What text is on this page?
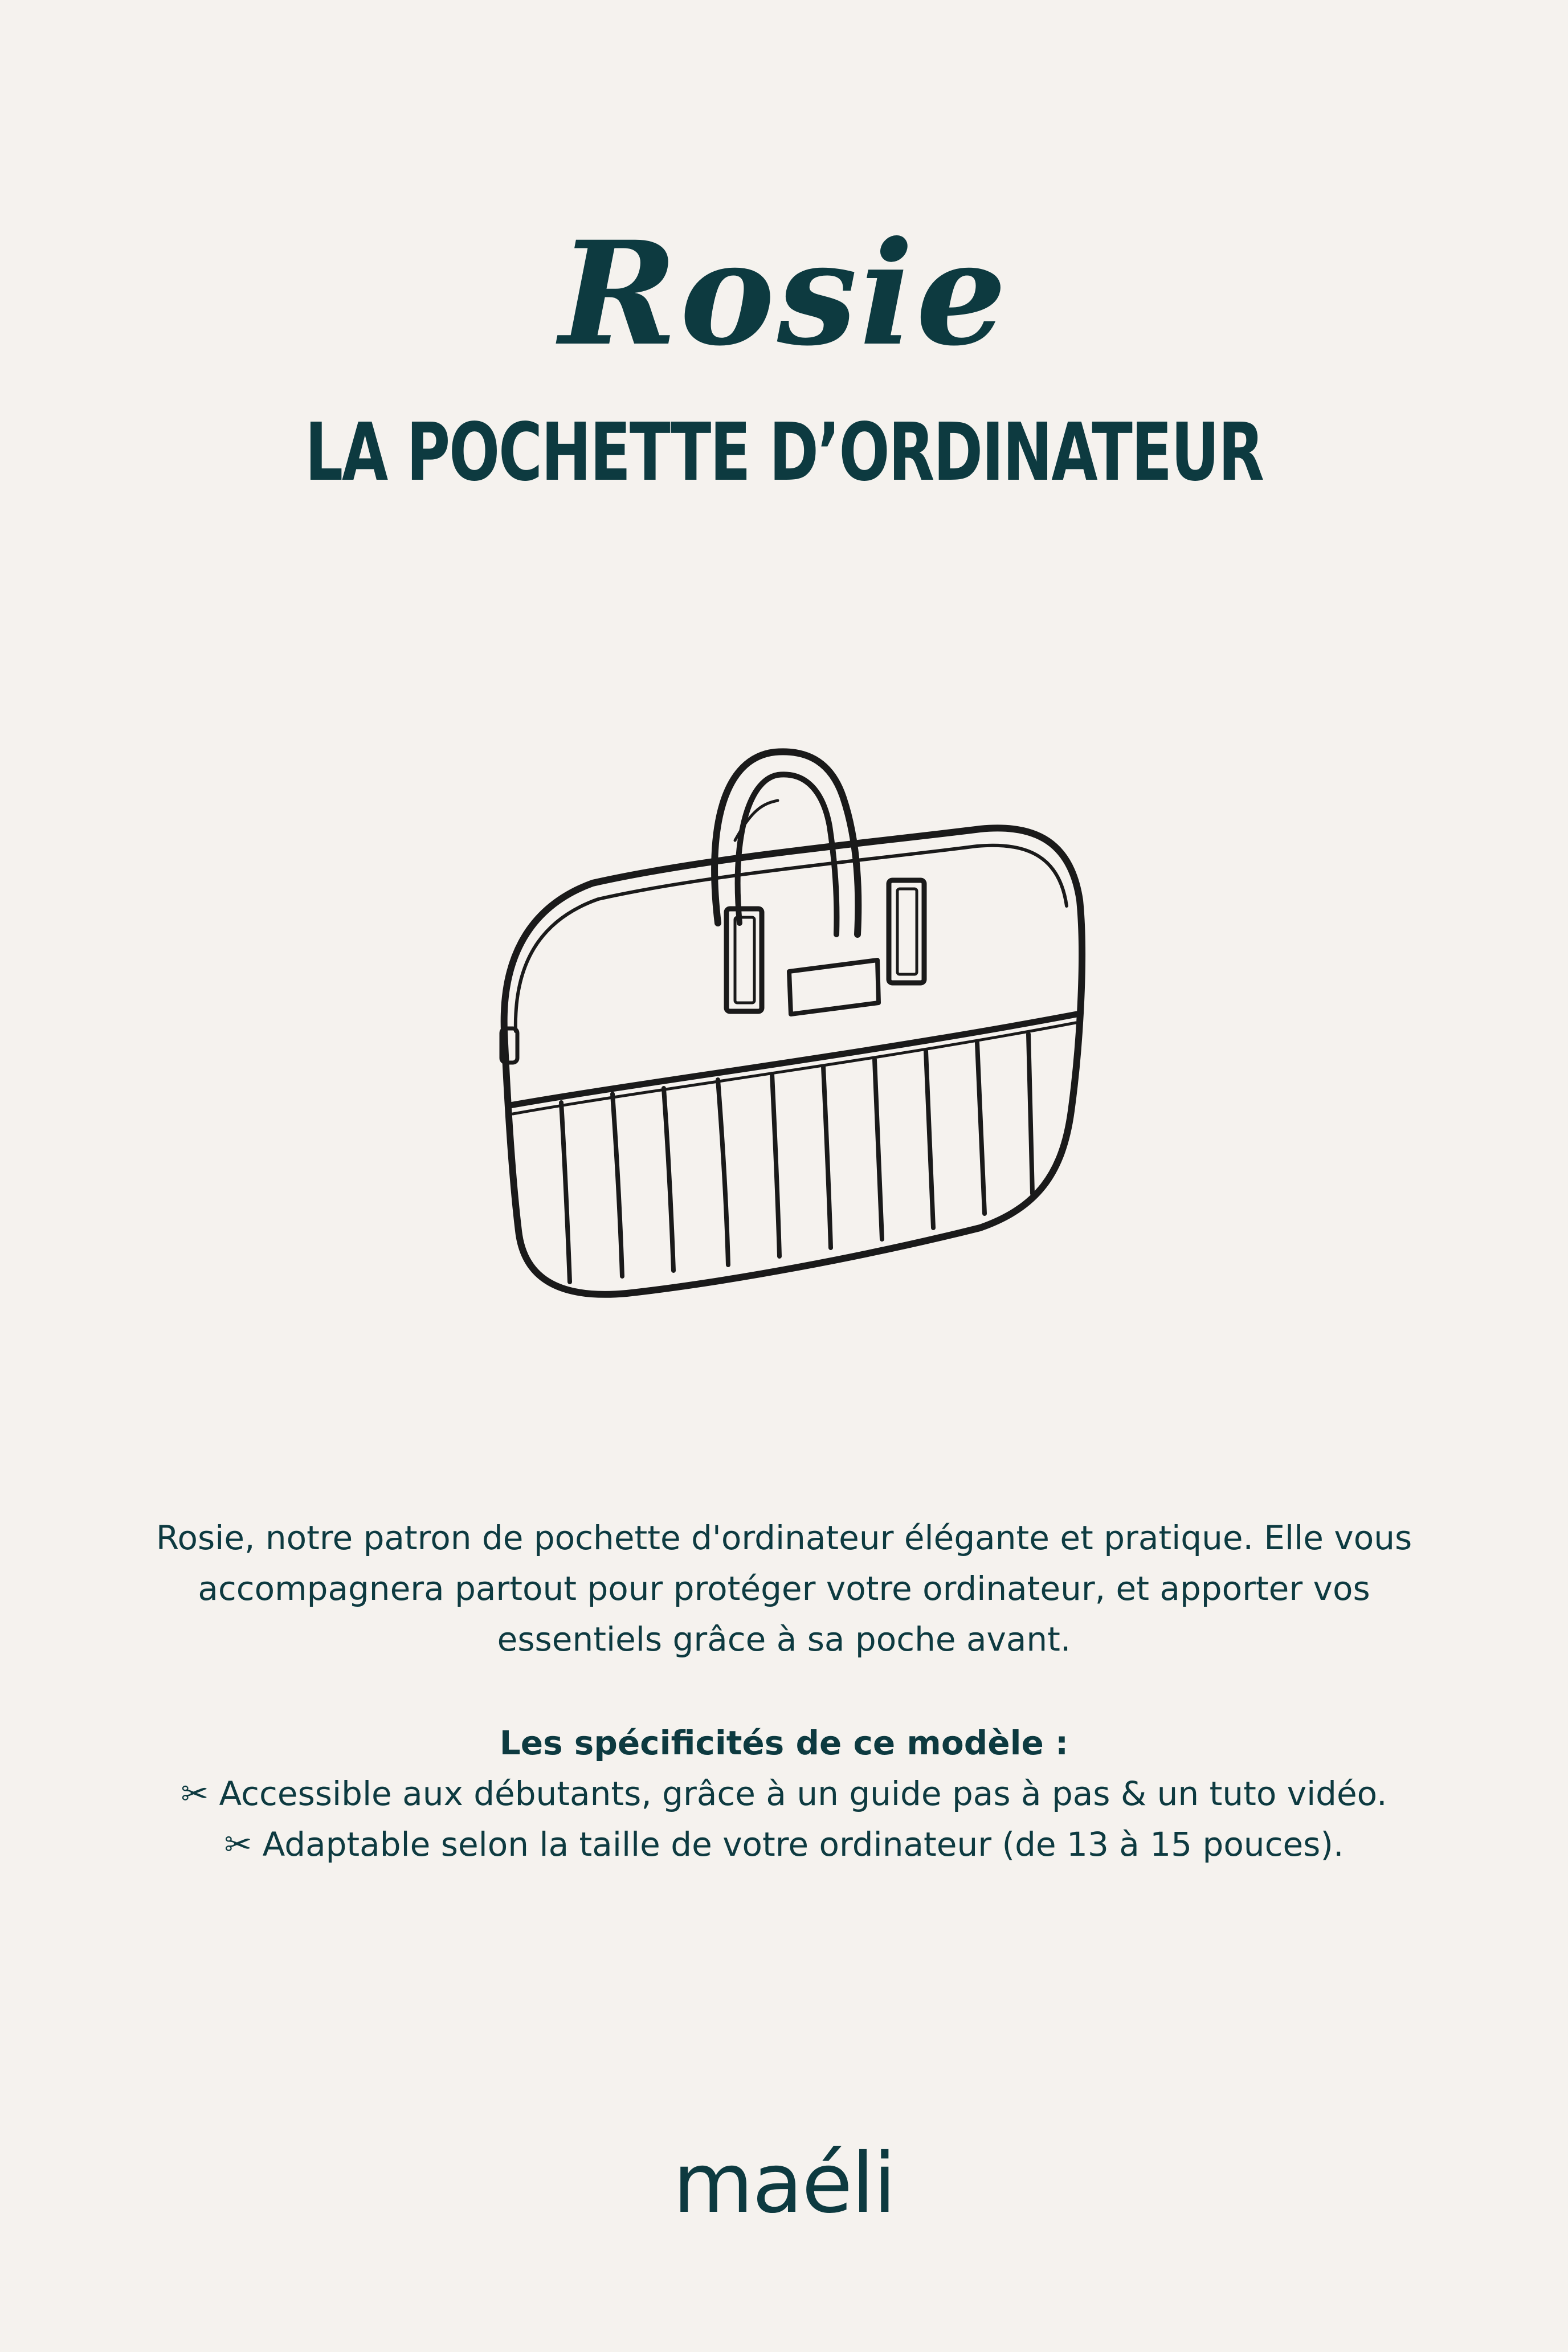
Rosie
LA POCHETTE D’ORDINATEUR
Rosie, notre patron de pochette d'ordinateur élégante et pratique. Elle vous
accompagnera partout pour protéger votre ordinateur, et apporter vos
essentiels grâce à sa poche avant.
Les spécificités de ce modèle :
✂ Accessible aux débutants, grâce à un guide pas à pas & un tuto vidéo.
✂ Adaptable selon la taille de votre ordinateur (de 13 à 15 pouces).
maéli
